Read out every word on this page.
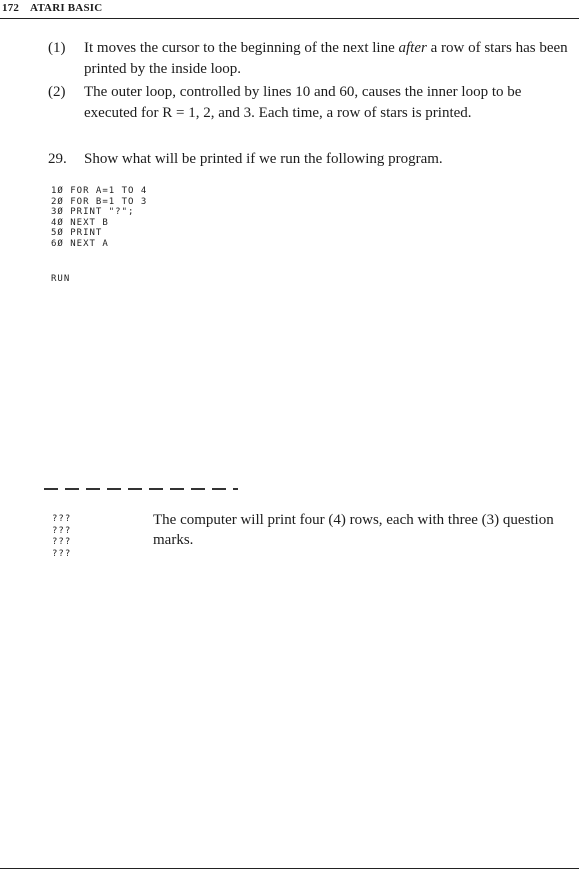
172 ATARI BASIC
(1) It moves the cursor to the beginning of the next line after a row of stars has been printed by the inside loop.
(2) The outer loop, controlled by lines 10 and 60, causes the inner loop to be executed for R = 1, 2, and 3. Each time, a row of stars is printed.
29. Show what will be printed if we run the following program.
1Ø FOR A=1 TO 4
2Ø FOR B=1 TO 3
3Ø PRINT "?";
4Ø NEXT B
5Ø PRINT
6Ø NEXT A
RUN
???
???
???
???
The computer will print four (4) rows, each with three (3) question marks.
